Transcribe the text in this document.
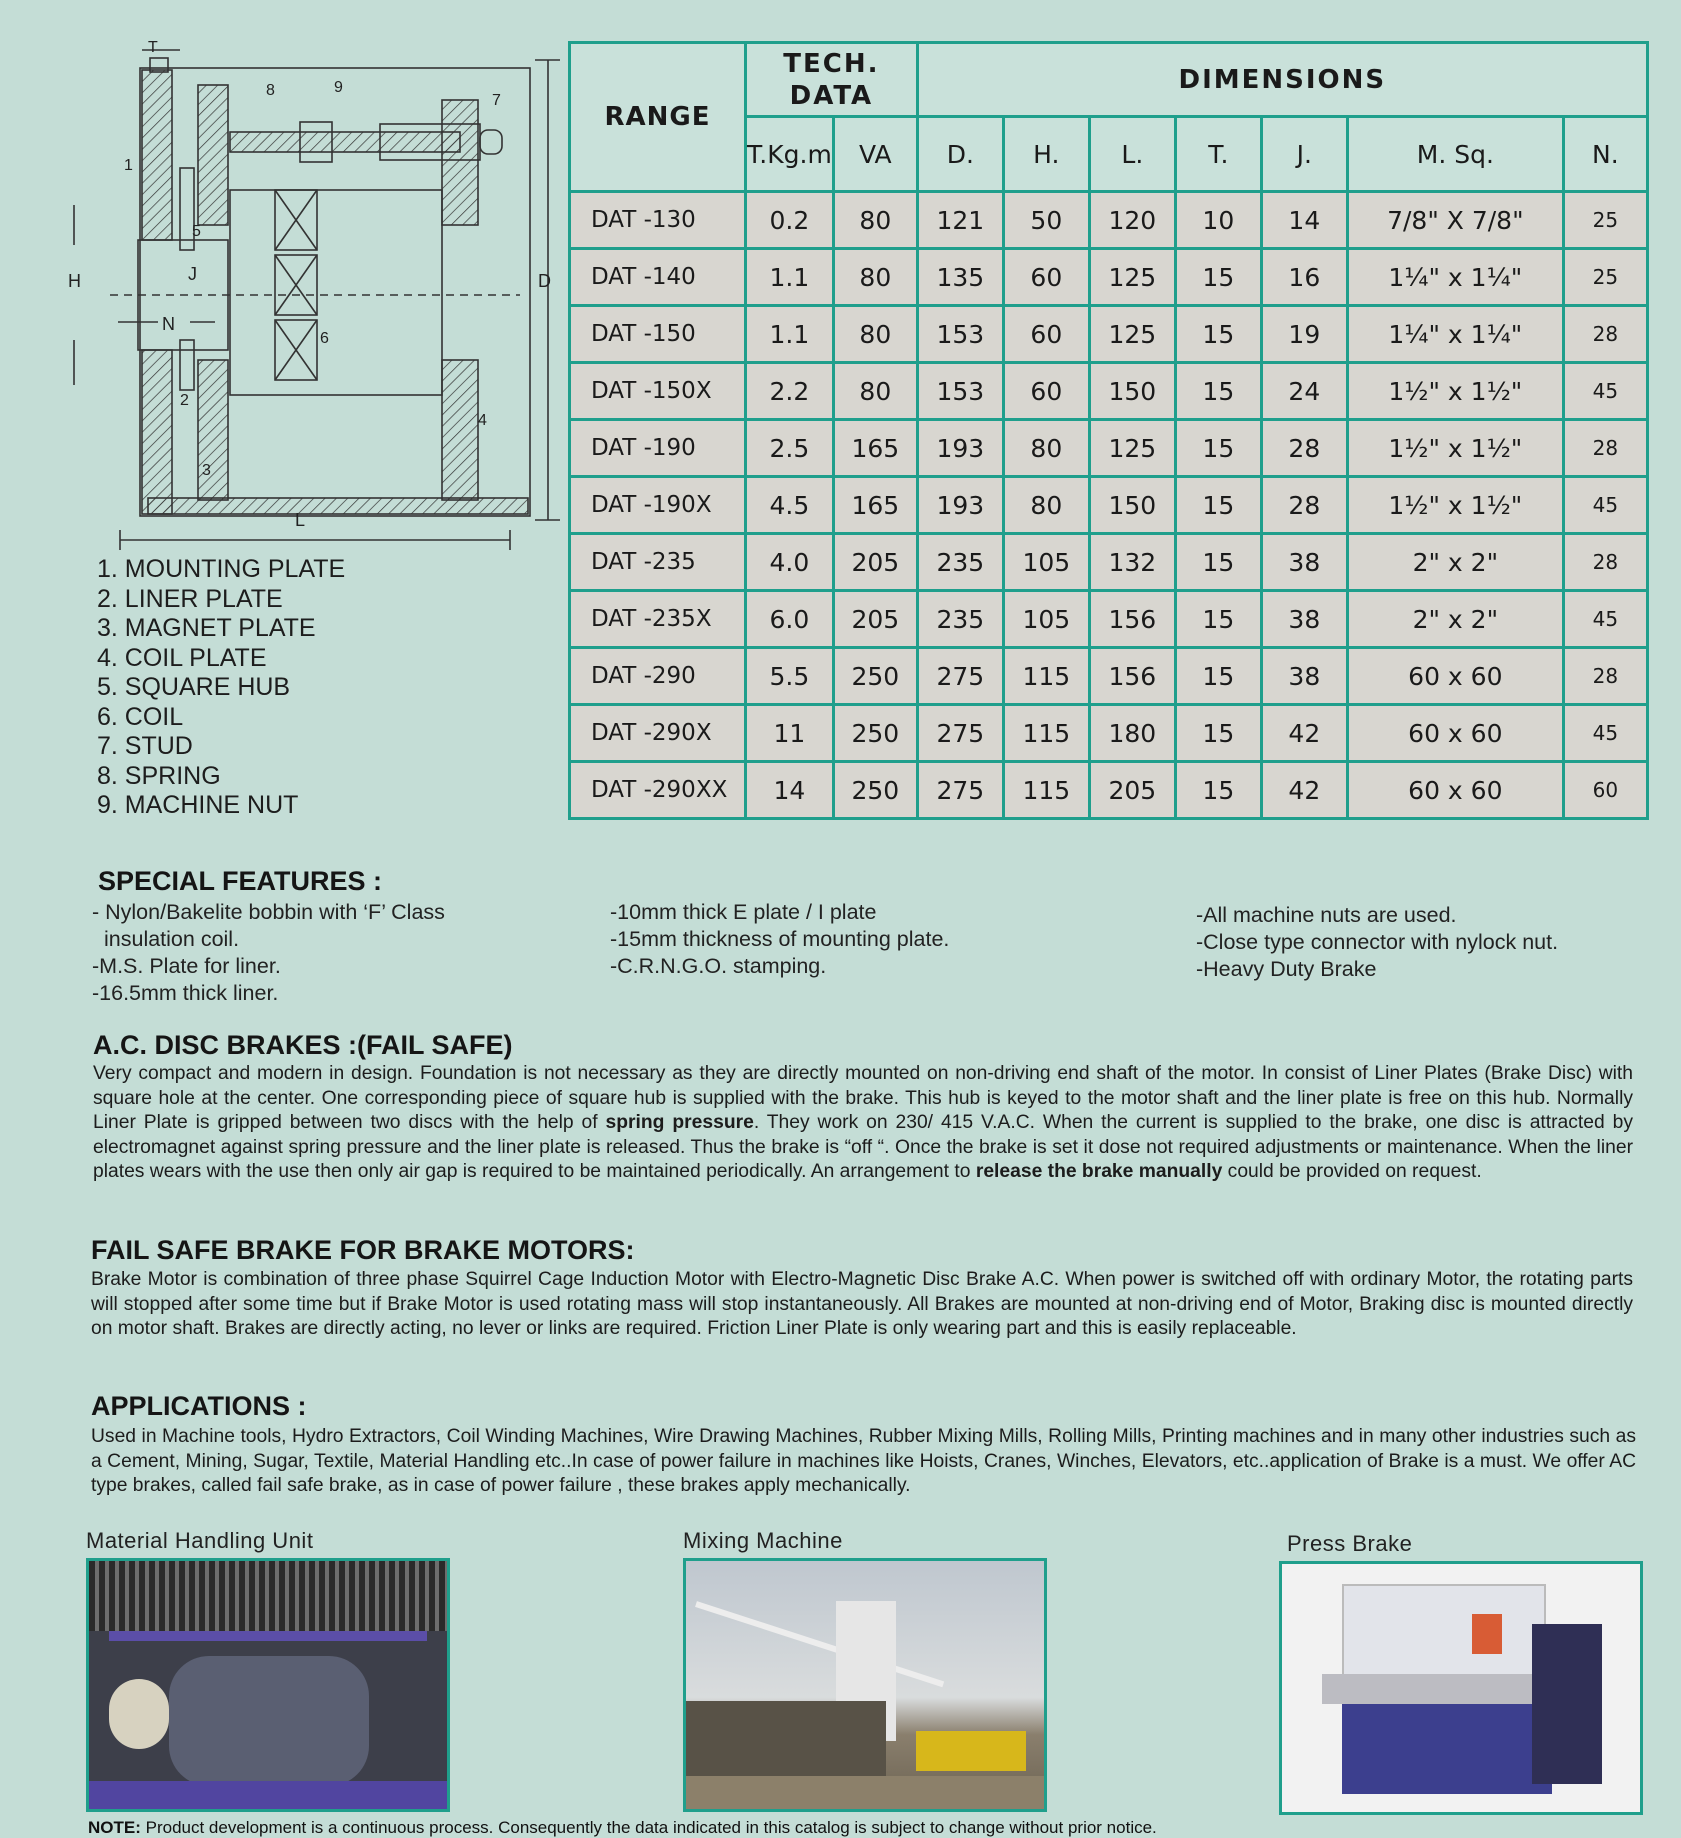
T
1
2
3
4
5
6
7
8	9
H	D
L
J
N
1. MOUNTING PLATE
2. LINER PLATE
3. MAGNET PLATE
4. COIL PLATE
5. SQUARE HUB
6. COIL
7. STUD
8. SPRING
9. MACHINE NUT
RANGE	TECH. DATA		DIMENSIONS						
	T.Kg.m	VA	D.	H.	L.	T.	J.	M. Sq.	N.
DAT -130	0.2	80	121	50	120	10	14	7/8" X 7/8"	25
DAT -140	1.1	80	135	60	125	15	16	1¼" x 1¼"	25
DAT -150	1.1	80	153	60	125	15	19	1¼" x 1¼"	28
DAT -150X	2.2	80	153	60	150	15	24	1½" x 1½"	45
DAT -190	2.5	165	193	80	125	15	28	1½" x 1½"	28
DAT -190X	4.5	165	193	80	150	15	28	1½" x 1½"	45
DAT -235	4.0	205	235	105	132	15	38	2" x 2"	28
DAT -235X	6.0	205	235	105	156	15	38	2" x 2"	45
DAT -290	5.5	250	275	115	156	15	38	60 x 60	28
DAT -290X	11	250	275	115	180	15	42	60 x 60	45
DAT -290XX	14	250	275	115	205	15	42	60 x 60	60
SPECIAL FEATURES :
- Nylon/Bakelite bobbin with ‘F’ Class
insulation coil.
-M.S. Plate for liner.
-16.5mm thick liner.
-10mm thick E plate / I plate
-15mm thickness of mounting plate.
-C.R.N.G.O. stamping.
-All machine nuts are used.
-Close type connector with nylock nut.
-Heavy Duty Brake
A.C. DISC BRAKES :(FAIL SAFE)
Very compact and modern in design. Foundation is not necessary as they are directly mounted on non-driving end shaft of the motor. In consist of Liner Plates (Brake Disc) with square hole at the center. One corresponding piece of square hub is supplied with the brake. This hub is keyed to the motor shaft and the liner plate is free on this hub. Normally Liner Plate is gripped between two discs with the help of spring pressure. They work on 230/ 415 V.A.C. When the current is supplied to the brake, one disc is attracted by electromagnet against spring pressure and the liner plate is released. Thus the brake is “off “. Once the brake is set it dose not required adjustments or maintenance. When the liner plates wears with the use then only air gap is required to be maintained periodically. An arrangement to release the brake manually could be provided on request.
FAIL SAFE BRAKE FOR BRAKE MOTORS:
Brake Motor is combination of three phase Squirrel Cage Induction Motor with Electro-Magnetic Disc Brake A.C. When power is switched off with ordinary Motor, the rotating parts will stopped after some time but if Brake Motor is used rotating mass will stop instantaneously. All Brakes are mounted at non-driving end of Motor, Braking disc is mounted directly on motor shaft. Brakes are directly acting, no lever or links are required. Friction Liner Plate is only wearing part and this is easily replaceable.
APPLICATIONS :
Used in Machine tools, Hydro Extractors, Coil Winding Machines, Wire Drawing Machines, Rubber Mixing Mills, Rolling Mills, Printing machines and in many other industries such as a Cement, Mining, Sugar, Textile, Material Handling etc..In case of power failure in machines like Hoists, Cranes, Winches, Elevators, etc..application of Brake is a must. We offer AC type brakes, called fail safe brake, as in case of power failure , these brakes apply mechanically.
Material Handling Unit	Mixing Machine	Press Brake
NOTE: Product development is a continuous process. Consequently the data indicated in this catalog is subject to change without prior notice.
